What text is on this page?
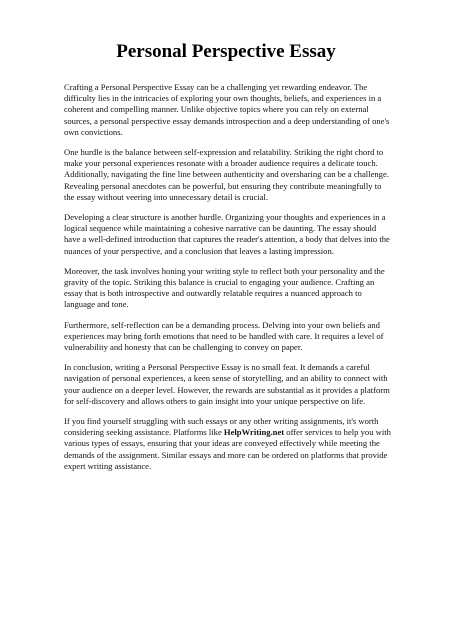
Personal Perspective Essay

Crafting a Personal Perspective Essay can be a challenging yet rewarding endeavor. The difficulty lies in the intricacies of exploring your own thoughts, beliefs, and experiences in a coherent and compelling manner. Unlike objective topics where you can rely on external sources, a personal perspective essay demands introspection and a deep understanding of one's own convictions.

One hurdle is the balance between self-expression and relatability. Striking the right chord to make your personal experiences resonate with a broader audience requires a delicate touch. Additionally, navigating the fine line between authenticity and oversharing can be a challenge. Revealing personal anecdotes can be powerful, but ensuring they contribute meaningfully to the essay without veering into unnecessary detail is crucial.

Developing a clear structure is another hurdle. Organizing your thoughts and experiences in a logical sequence while maintaining a cohesive narrative can be daunting. The essay should have a well-defined introduction that captures the reader's attention, a body that delves into the nuances of your perspective, and a conclusion that leaves a lasting impression.

Moreover, the task involves honing your writing style to reflect both your personality and the gravity of the topic. Striking this balance is crucial to engaging your audience. Crafting an essay that is both introspective and outwardly relatable requires a nuanced approach to language and tone.

Furthermore, self-reflection can be a demanding process. Delving into your own beliefs and experiences may bring forth emotions that need to be handled with care. It requires a level of vulnerability and honesty that can be challenging to convey on paper.

In conclusion, writing a Personal Perspective Essay is no small feat. It demands a careful navigation of personal experiences, a keen sense of storytelling, and an ability to connect with your audience on a deeper level. However, the rewards are substantial as it provides a platform for self-discovery and allows others to gain insight into your unique perspective on life.

If you find yourself struggling with such essays or any other writing assignments, it's worth considering seeking assistance. Platforms like HelpWriting.net offer services to help you with various types of essays, ensuring that your ideas are conveyed effectively while meeting the demands of the assignment. Similar essays and more can be ordered on platforms that provide expert writing assistance.
